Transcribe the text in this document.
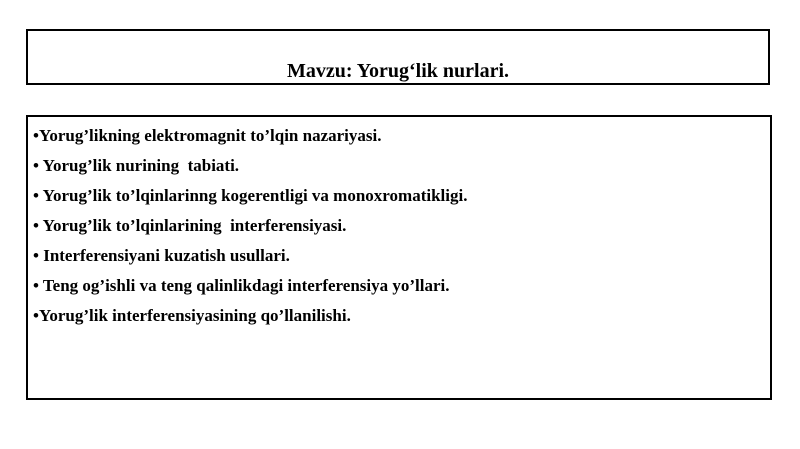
Mavzu: Yorug‘lik nurlari.
•Yorug’likning elektromagnit to’lqin nazariyasi.
• Yorug’lik nurining  tabiati.
• Yorug’lik to’lqinlarinng kogerentligi va monoxromatikligi.
• Yorug’lik to’lqinlarining  interferensiyasi.
• Interferensiyani kuzatish usullari.
• Teng og’ishli va teng qalinlikdagi interferensiya yo’llari.
•Yorug’lik interferensiyasining qo’llanilishi.
